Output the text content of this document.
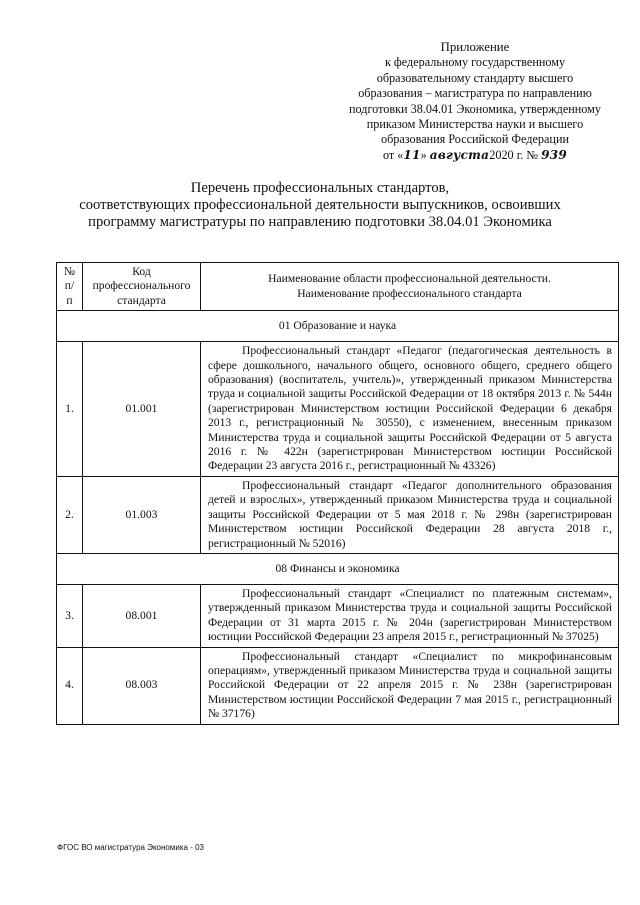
Приложение
к федеральному государственному
образовательному стандарту высшего
образования – магистратура по направлению
подготовки 38.04.01 Экономика, утвержденному
приказом Министерства науки и высшего
образования Российской Федерации
от «11» августа2020 г. № 939
Перечень профессиональных стандартов,
соответствующих профессиональной деятельности выпускников, освоивших
программу магистратуры по направлению подготовки 38.04.01 Экономика
№ п/п	Код профессионального стандарта	Наименование области профессиональной деятельности.
Наименование профессионального стандарта

01 Образование и наука		
1.	01.001	Профессиональный стандарт «Педагог (педагогическая деятельность в сфере дошкольного, начального общего, основного общего, среднего общего образования) (воспитатель, учитель)», утвержденный приказом Министерства труда и социальной защиты Российской Федерации от 18 октября 2013 г. № 544н (зарегистрирован Министерством юстиции Российской Федерации 6 декабря 2013 г., регистрационный № 30550), с изменением, внесенным приказом Министерства труда и социальной защиты Российской Федерации от 5 августа 2016 г. № 422н (зарегистрирован Министерством юстиции Российской Федерации 23 августа 2016 г., регистрационный № 43326)
2.	01.003	Профессиональный стандарт «Педагог дополнительного образования детей и взрослых», утвержденный приказом Министерства труда и социальной защиты Российской Федерации от 5 мая 2018 г. № 298н (зарегистрирован Министерством юстиции Российской Федерации 28 августа 2018 г., регистрационный № 52016)
08 Финансы и экономика		
3.	08.001	Профессиональный стандарт «Специалист по платежным системам», утвержденный приказом Министерства труда и социальной защиты Российской Федерации от 31 марта 2015 г. № 204н (зарегистрирован Министерством юстиции Российской Федерации 23 апреля 2015 г., регистрационный № 37025)
4.	08.003	Профессиональный стандарт «Специалист по микрофинансовым операциям», утвержденный приказом Министерства труда и социальной защиты Российской Федерации от 22 апреля 2015 г. № 238н (зарегистрирован Министерством юстиции Российской Федерации 7 мая 2015 г., регистрационный № 37176)
ФГОС ВО магистратура Экономика - 03
